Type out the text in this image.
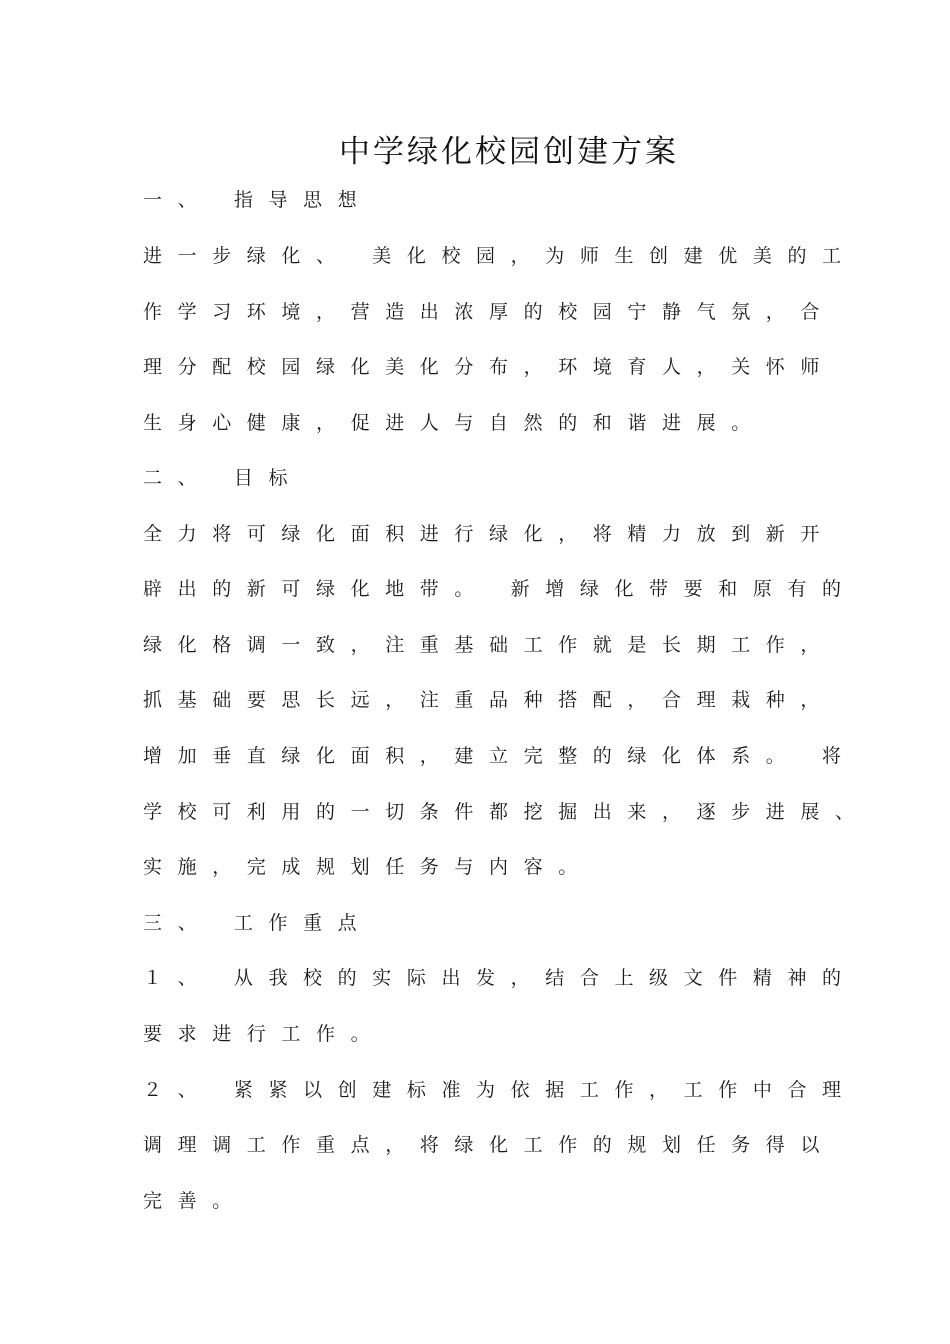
中学绿化校园创建方案
一、 指导思想
进一步绿化、 美化校园，为师生创建优美的工
作学习环境，营造出浓厚的校园宁静气氛，合
理分配校园绿化美化分布，环境育人，关怀师
生身心健康，促进人与自然的和谐进展。
二、 目标
全力将可绿化面积进行绿化，将精力放到新开
辟出的新可绿化地带。 新增绿化带要和原有的
绿化格调一致，注重基础工作就是长期工作，
抓基础要思长远，注重品种搭配，合理栽种，
增加垂直绿化面积，建立完整的绿化体系。 将
学校可利用的一切条件都挖掘出来，逐步进展、
实施，完成规划任务与内容。
三、 工作重点
１、 从我校的实际出发，结合上级文件精神的
要求进行工作。
２、 紧紧以创建标准为依据工作，工作中合理
调理调工作重点，将绿化工作的规划任务得以
完善。
